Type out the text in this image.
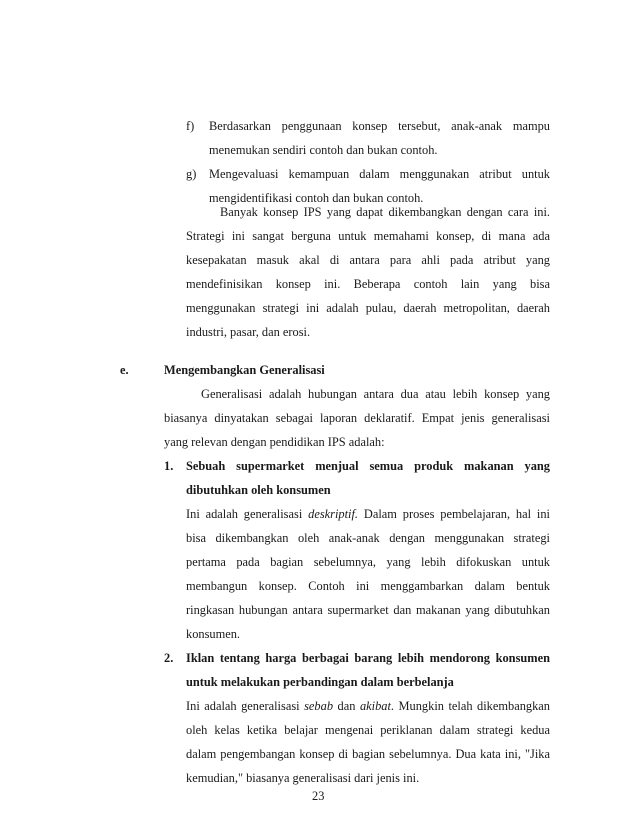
f) Berdasarkan penggunaan konsep tersebut, anak-anak mampu
menemukan sendiri contoh dan bukan contoh.
g) Mengevaluasi kemampuan dalam menggunakan atribut untuk
mengidentifikasi contoh dan bukan contoh.
Banyak konsep IPS yang dapat dikembangkan dengan cara ini.
Strategi ini sangat berguna untuk memahami konsep, di mana ada
kesepakatan masuk akal di antara para ahli pada atribut yang
mendefinisikan konsep ini. Beberapa contoh lain yang bisa
menggunakan strategi ini adalah pulau, daerah metropolitan, daerah
industri, pasar, dan erosi.
e.	Mengembangkan Generalisasi
Generalisasi adalah hubungan antara dua atau lebih konsep yang
biasanya dinyatakan sebagai laporan deklaratif. Empat jenis generalisasi
yang relevan dengan pendidikan IPS adalah:
1. Sebuah supermarket menjual semua produk makanan yang
dibutuhkan oleh konsumen
Ini adalah generalisasi deskriptif. Dalam proses pembelajaran, hal ini
bisa dikembangkan oleh anak-anak dengan menggunakan strategi
pertama pada bagian sebelumnya, yang lebih difokuskan untuk
membangun konsep. Contoh ini menggambarkan dalam bentuk
ringkasan hubungan antara supermarket dan makanan yang dibutuhkan
konsumen.
2. Iklan tentang harga berbagai barang lebih mendorong konsumen
untuk melakukan perbandingan dalam berbelanja
Ini adalah generalisasi sebab dan akibat. Mungkin telah dikembangkan
oleh kelas ketika belajar mengenai periklanan dalam strategi kedua
dalam pengembangan konsep di bagian sebelumnya. Dua kata ini, "Jika
kemudian," biasanya generalisasi dari jenis ini.
23
